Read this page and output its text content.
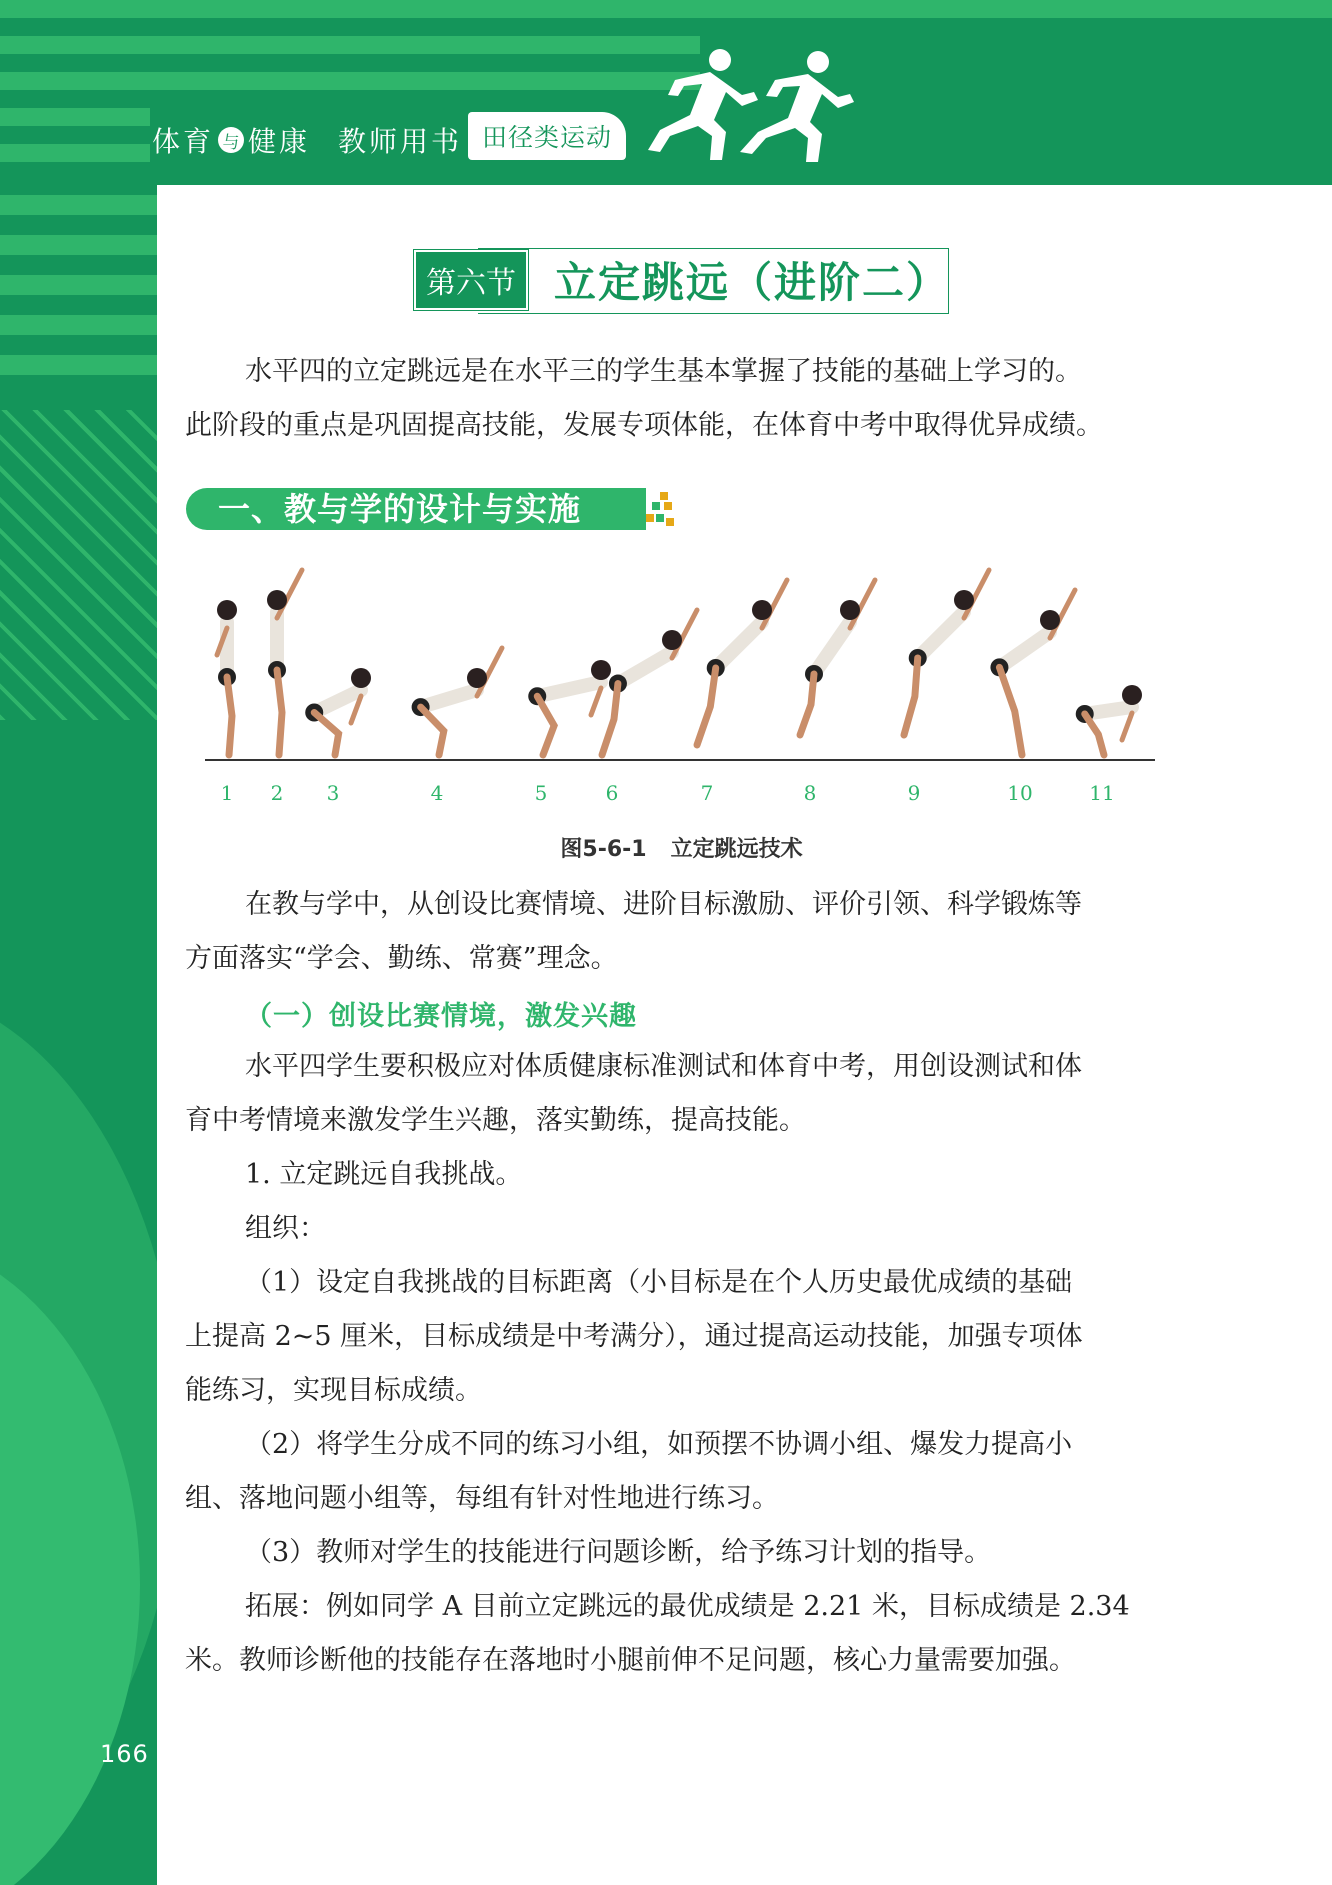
体育 与 健康 教师用书 田径类运动
166
第六节 立定跳远（进阶二）
水平四的立定跳远是在水平三的学生基本掌握了技能的基础上学习的。
此阶段的重点是巩固提高技能，发展专项体能，在体育中考中取得优异成绩。
一、教与学的设计与实施
1 2 3	4	5	6	7	8	9	10	11
图5-6-1 立定跳远技术
在教与学中，从创设比赛情境、进阶目标激励、评价引领、科学锻炼等
方面落实“学会、勤练、常赛”理念。
（一）创设比赛情境，激发兴趣
水平四学生要积极应对体质健康标准测试和体育中考，用创设测试和体
育中考情境来激发学生兴趣，落实勤练，提高技能。
1. 立定跳远自我挑战。
组织：
（1）设定自我挑战的目标距离（小目标是在个人历史最优成绩的基础
上提高 2~5 厘米，目标成绩是中考满分），通过提高运动技能，加强专项体
能练习，实现目标成绩。
（2）将学生分成不同的练习小组，如预摆不协调小组、爆发力提高小
组、落地问题小组等，每组有针对性地进行练习。
（3）教师对学生的技能进行问题诊断，给予练习计划的指导。
拓展：例如同学 A 目前立定跳远的最优成绩是 2.21 米，目标成绩是 2.34
米。教师诊断他的技能存在落地时小腿前伸不足问题，核心力量需要加强。
